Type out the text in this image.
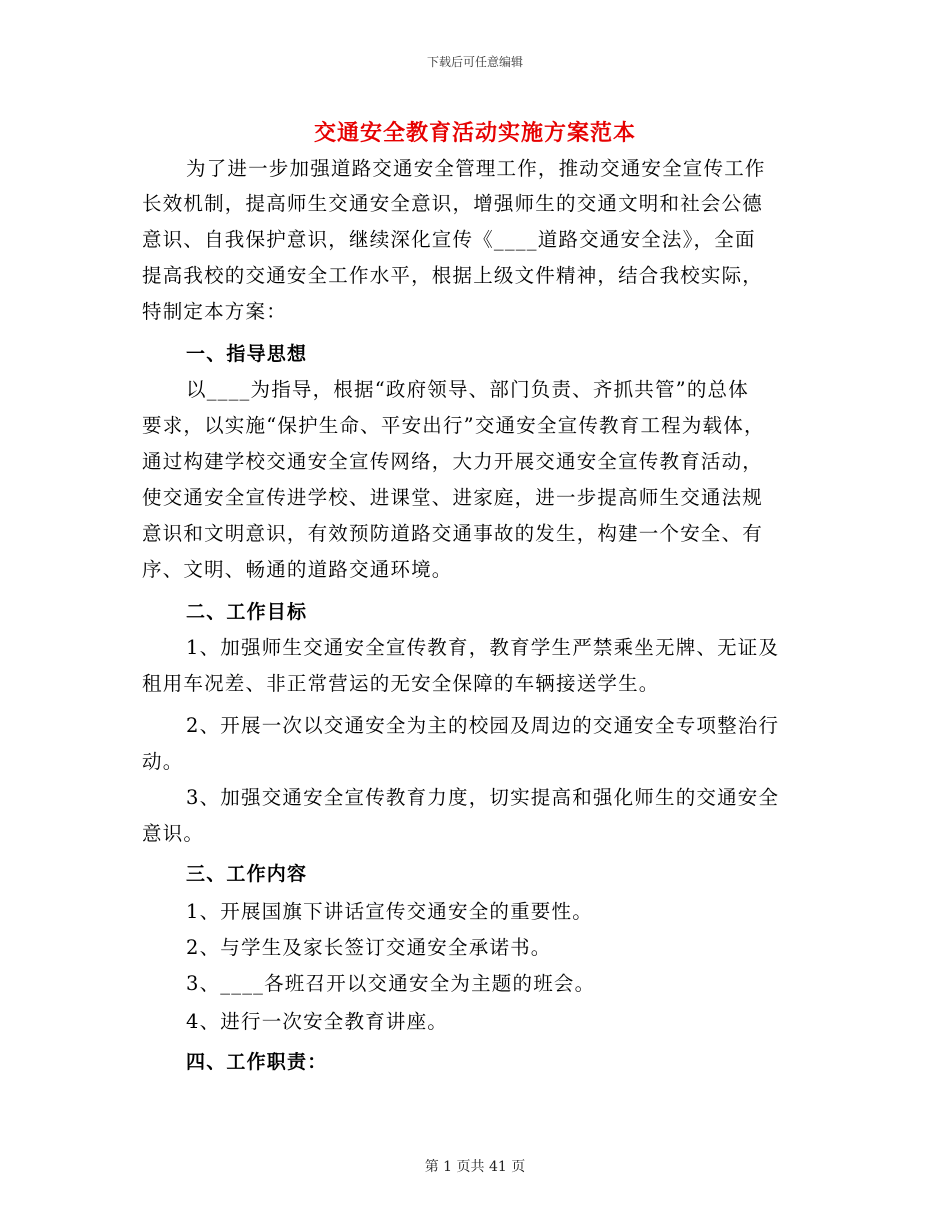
下载后可任意编辑
交通安全教育活动实施方案范本
为了进一步加强道路交通安全管理工作，推动交通安全宣传工作
长效机制，提高师生交通安全意识，增强师生的交通文明和社会公德
意识、自我保护意识，继续深化宣传《____道路交通安全法》，全面
提高我校的交通安全工作水平，根据上级文件精神，结合我校实际，
特制定本方案：
一、指导思想
以____为指导，根据“政府领导、部门负责、齐抓共管”的总体
要求，以实施“保护生命、平安出行”交通安全宣传教育工程为载体，
通过构建学校交通安全宣传网络，大力开展交通安全宣传教育活动，
使交通安全宣传进学校、进课堂、进家庭，进一步提高师生交通法规
意识和文明意识，有效预防道路交通事故的发生，构建一个安全、有
序、文明、畅通的道路交通环境。
二、工作目标
1、加强师生交通安全宣传教育，教育学生严禁乘坐无牌、无证及
租用车况差、非正常营运的无安全保障的车辆接送学生。
2、开展一次以交通安全为主的校园及周边的交通安全专项整治行
动。
3、加强交通安全宣传教育力度，切实提高和强化师生的交通安全
意识。
三、工作内容
1、开展国旗下讲话宣传交通安全的重要性。
2、与学生及家长签订交通安全承诺书。
3、____各班召开以交通安全为主题的班会。
4、进行一次安全教育讲座。
四、工作职责：
第 1 页共 41 页
